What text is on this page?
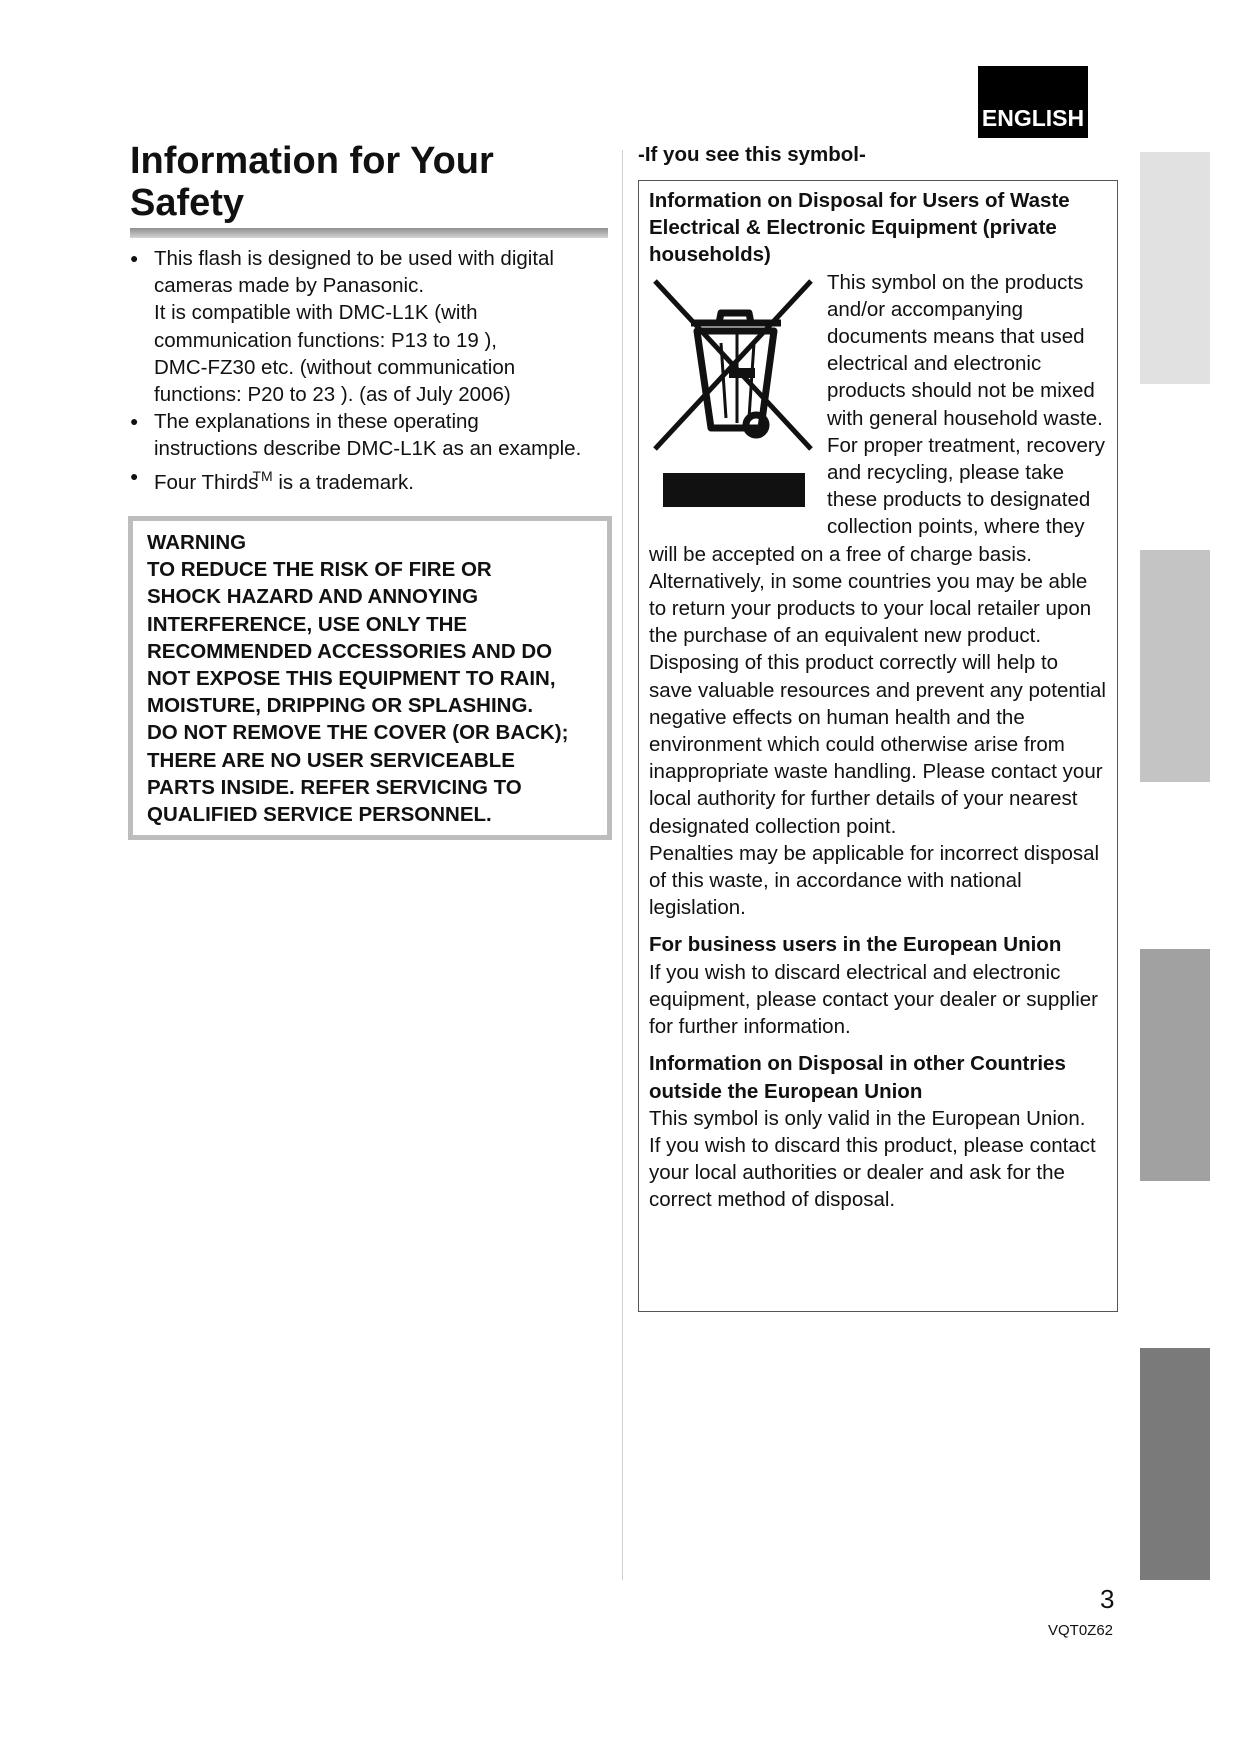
ENGLISH
Information for Your Safety
● This flash is designed to be used with digital
cameras made by Panasonic.
It is compatible with DMC-L1K (with
communication functions: P13 to 19 ),
DMC-FZ30 etc. (without communication
functions: P20 to 23 ). (as of July 2006)
● The explanations in these operating
instructions describe DMC-L1K as an example.
● Four Thirds™ is a trademark.
WARNING
TO REDUCE THE RISK OF FIRE OR
SHOCK HAZARD AND ANNOYING
INTERFERENCE, USE ONLY THE
RECOMMENDED ACCESSORIES AND DO
NOT EXPOSE THIS EQUIPMENT TO RAIN,
MOISTURE, DRIPPING OR SPLASHING.
DO NOT REMOVE THE COVER (OR BACK);
THERE ARE NO USER SERVICEABLE
PARTS INSIDE. REFER SERVICING TO
QUALIFIED SERVICE PERSONNEL.

-If you see this symbol-

Information on Disposal for Users of Waste Electrical & Electronic Equipment (private households)
This symbol on the products and/or accompanying documents means that used electrical and electronic products should not be mixed with general household waste.
For proper treatment, recovery and recycling, please take these products to designated collection points, where they will be accepted on a free of charge basis.
Alternatively, in some countries you may be able to return your products to your local retailer upon the purchase of an equivalent new product.
Disposing of this product correctly will help to save valuable resources and prevent any potential negative effects on human health and the environment which could otherwise arise from inappropriate waste handling. Please contact your local authority for further details of your nearest designated collection point.
Penalties may be applicable for incorrect disposal of this waste, in accordance with national legislation.
For business users in the European Union
If you wish to discard electrical and electronic equipment, please contact your dealer or supplier for further information.
Information on Disposal in other Countries outside the European Union
This symbol is only valid in the European Union.
If you wish to discard this product, please contact your local authorities or dealer and ask for the correct method of disposal.
3
VQT0Z62
